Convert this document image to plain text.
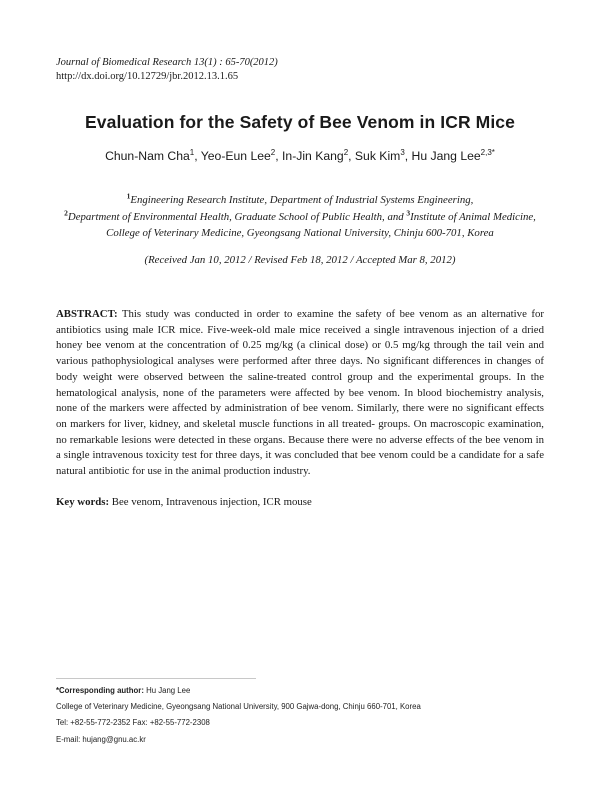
Journal of Biomedical Research 13(1) : 65-70(2012)
http://dx.doi.org/10.12729/jbr.2012.13.1.65
Evaluation for the Safety of Bee Venom in ICR Mice
Chun-Nam Cha$^1$, Yeo-Eun Lee$^2$, In-Jin Kang$^2$, Suk Kim$^3$, Hu Jang Lee$^{2,3*}$
$^1$Engineering Research Institute, Department of Industrial Systems Engineering,
$^2$Department of Environmental Health, Graduate School of Public Health, and $^3$Institute of Animal Medicine,
College of Veterinary Medicine, Gyeongsang National University, Chinju 600-701, Korea
(Received Jan 10, 2012 / Revised Feb 18, 2012 / Accepted Mar 8, 2012)
ABSTRACT: This study was conducted in order to examine the safety of bee venom as an alternative for antibiotics using male ICR mice. Five-week-old male mice received a single intravenous injection of a dried honey bee venom at the concentration of 0.25 mg/kg (a clinical dose) or 0.5 mg/kg through the tail vein and various pathophysiological analyses were performed after three days. No significant differences in changes of body weight were observed between the saline-treated control group and the experimental groups. In the hematological analysis, none of the parameters were affected by bee venom. In blood biochemistry analysis, none of the markers were affected by administration of bee venom. Similarly, there were no significant effects on markers for liver, kidney, and skeletal muscle functions in all treated- groups. On macroscopic examination, no remarkable lesions were detected in these organs. Because there were no adverse effects of the bee venom in a single intravenous toxicity test for three days, it was concluded that bee venom could be a candidate for a safe natural antibiotic for use in the animal production industry.
Key words: Bee venom, Intravenous injection, ICR mouse
*Corresponding author: Hu Jang Lee
College of Veterinary Medicine, Gyeongsang National University, 900 Gajwa-dong, Chinju 660-701, Korea
Tel: +82-55-772-2352 Fax: +82-55-772-2308
E-mail: hujang@gnu.ac.kr
